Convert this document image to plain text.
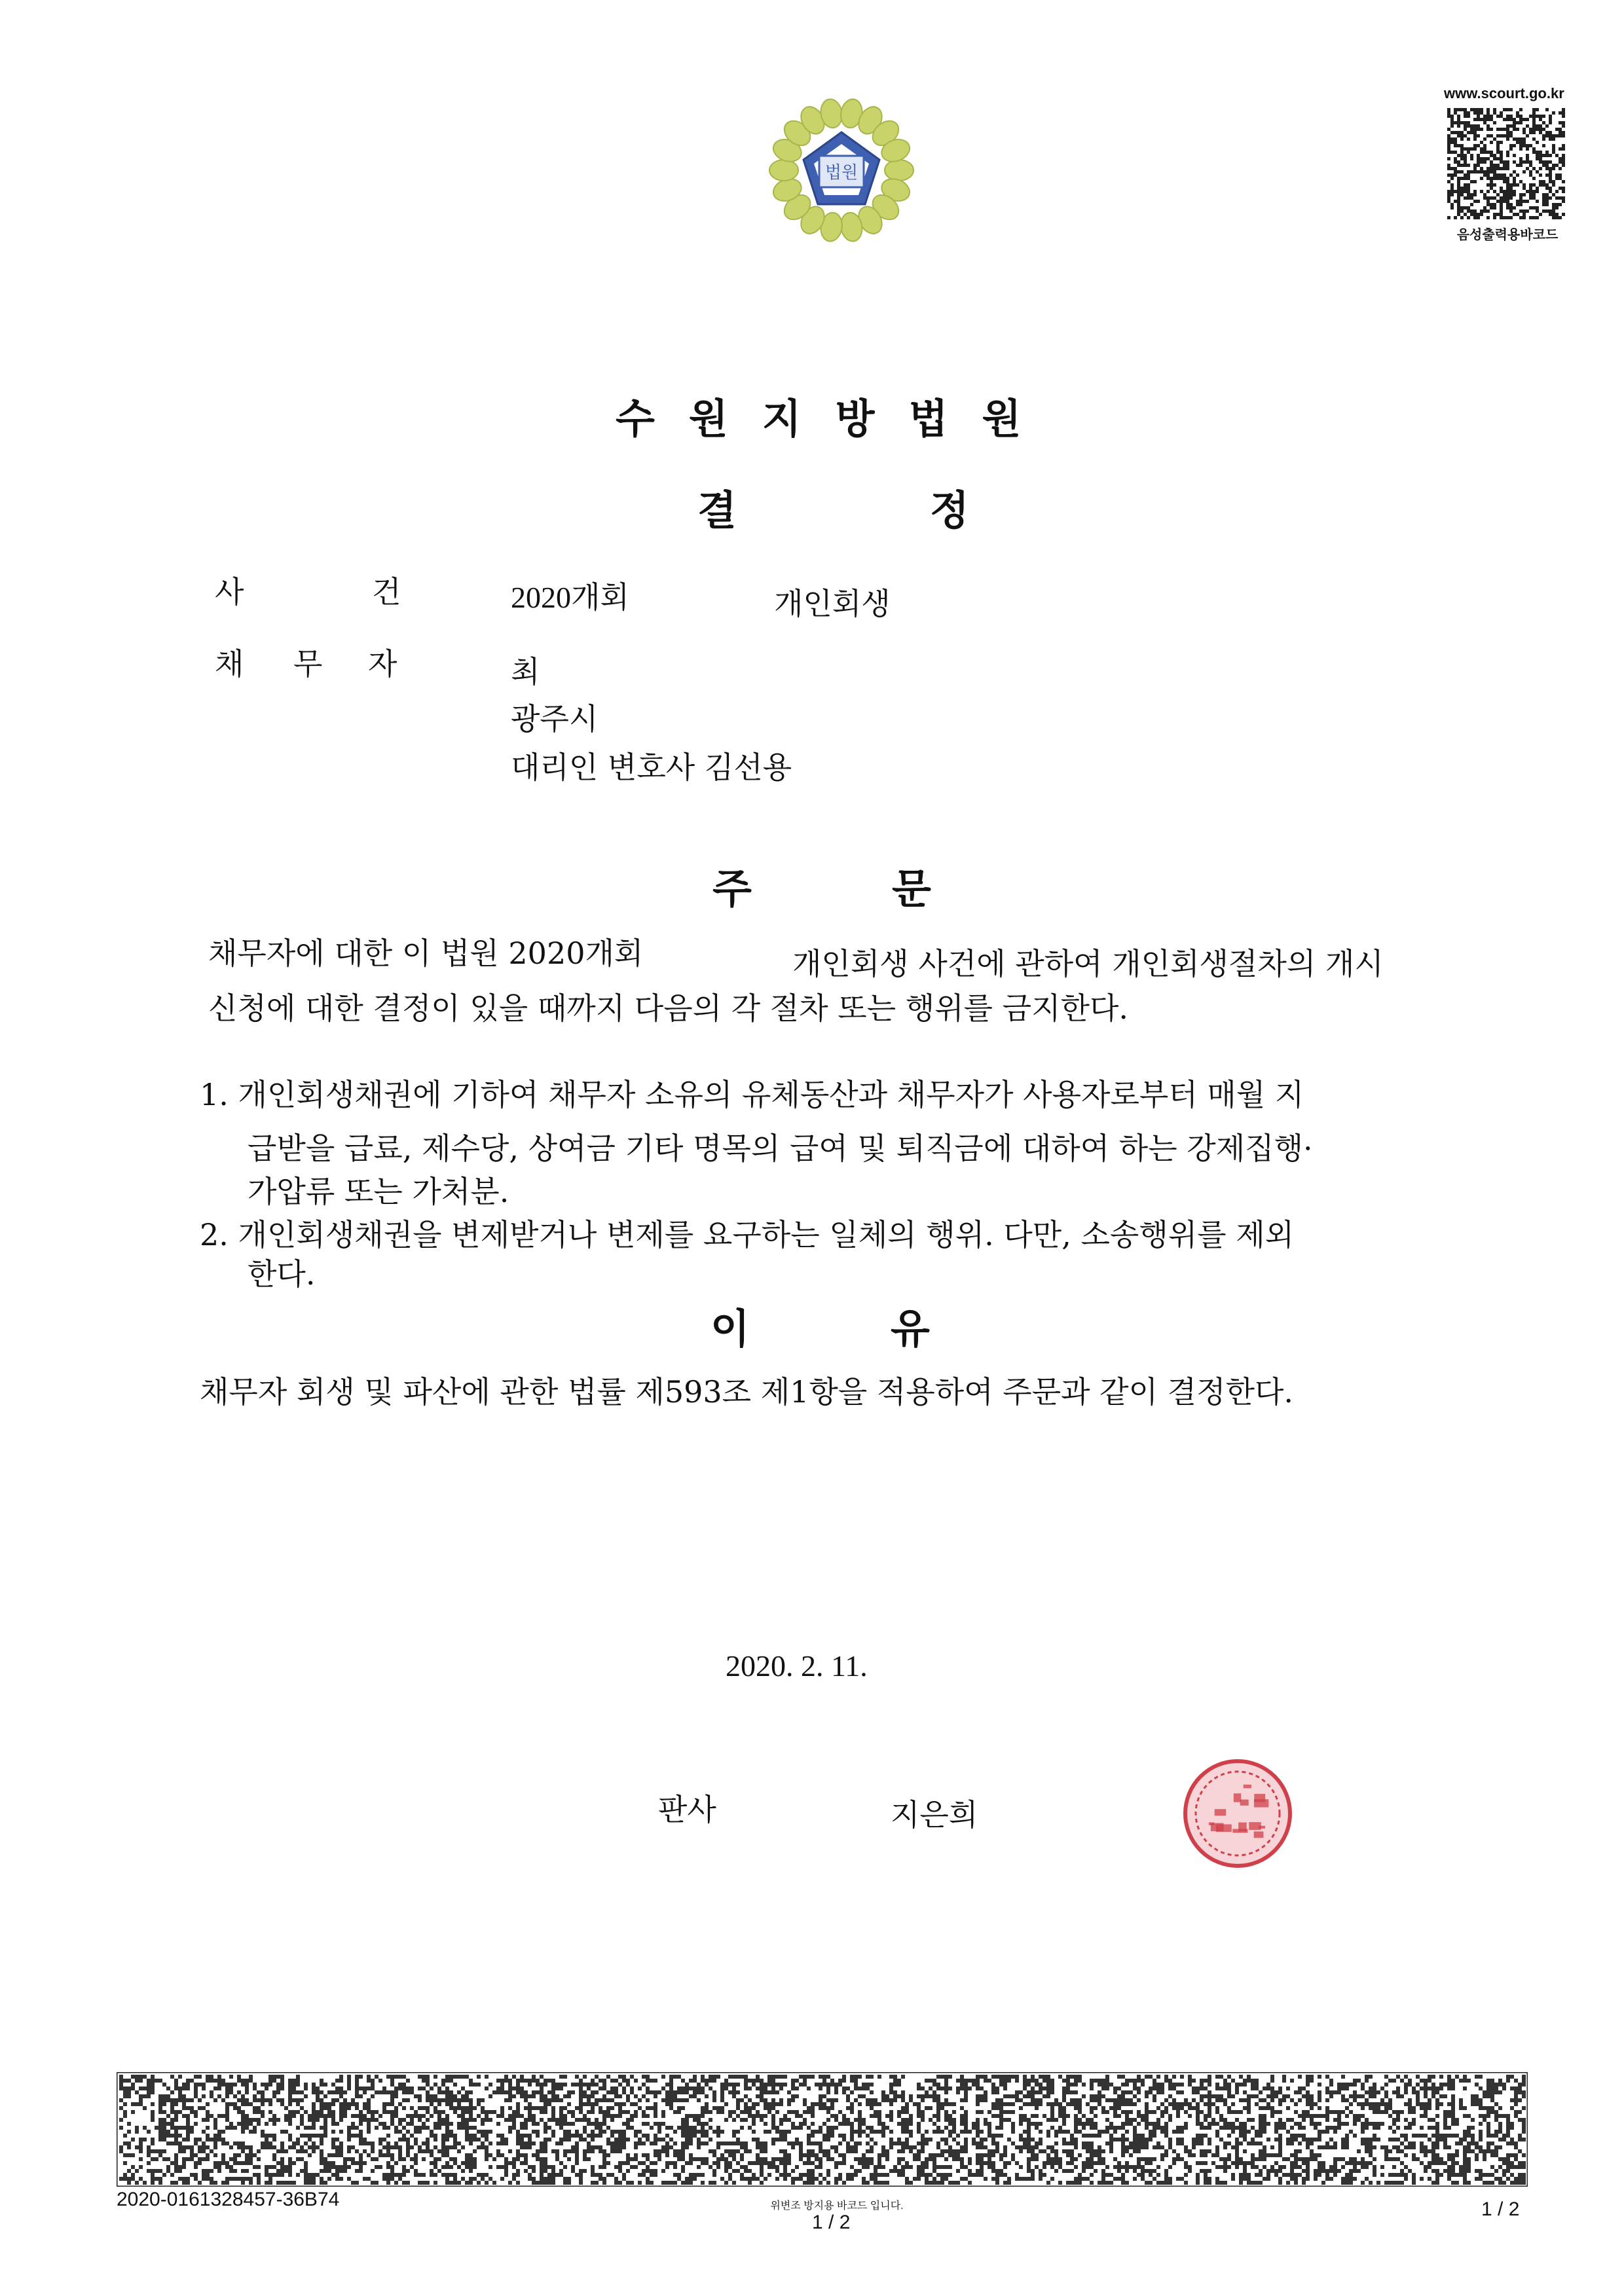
법원
www.scourt.go.kr
음성출력용바코드
수원지방법원
결	정
사	건	2020개회	개인회생
채 무 자	최
광주시
대리인 변호사 김선용
주	문
채무자에 대한 이 법원 2020개회	개인회생 사건에 관하여 개인회생절차의 개시
신청에 대한 결정이 있을 때까지 다음의 각 절차 또는 행위를 금지한다.
1. 개인회생채권에 기하여 채무자 소유의 유체동산과 채무자가 사용자로부터 매월 지
급받을 급료, 제수당, 상여금 기타 명목의 급여 및 퇴직금에 대하여 하는 강제집행·
가압류 또는 가처분.
2. 개인회생채권을 변제받거나 변제를 요구하는 일체의 행위. 다만, 소송행위를 제외
한다.
이	유
채무자 회생 및 파산에 관한 법률 제593조 제1항을 적용하여 주문과 같이 결정한다.
2020. 2. 11.
판사	지은희
2020-0161328457-36B74	위변조 방지용 바코드 입니다.
1 / 2
1 / 2
